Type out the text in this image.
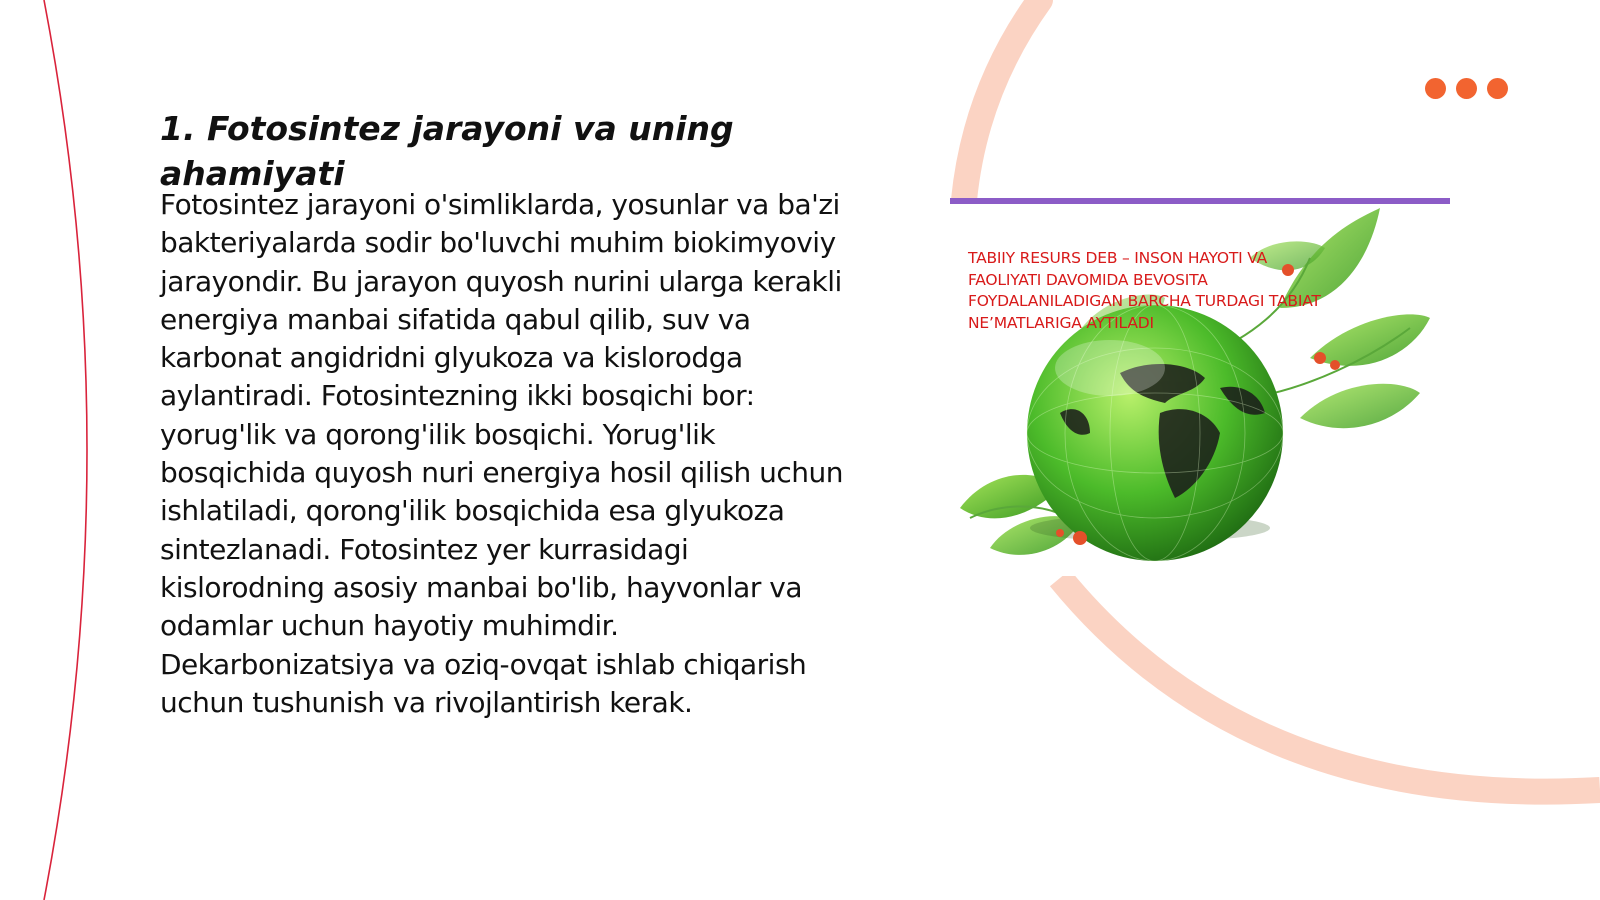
1. Fotosintez jarayoni va uning ahamiyati

Fotosintez jarayoni o'simliklarda, yosunlar va ba'zi bakteriyalarda sodir bo'luvchi muhim biokimyoviy jarayondir. Bu jarayon quyosh nurini ularga kerakli energiya manbai sifatida qabul qilib, suv va karbonat angidridni glyukoza va kislorodga aylantiradi. Fotosintezning ikki bosqichi bor: yorug'lik va qorong'ilik bosqichi. Yorug'lik bosqichida quyosh nuri energiya hosil qilish uchun ishlatiladi, qorong'ilik bosqichida esa glyukoza sintezlanadi. Fotosintez yer kurrasidagi kislorodning asosiy manbai bo'lib, hayvonlar va odamlar uchun hayotiy muhimdir. Dekarbonizatsiya va oziq-ovqat ishlab chiqarish uchun tushunish va rivojlantirish kerak.

TABIIY RESURS DEB – INSON HAYOTI VA FAOLIYATI DAVOMIDA BEVOSITA FOYDALANILADIGAN BARCHA TURDAGI TABIAT NE’MATLARIGA AYTILADI
